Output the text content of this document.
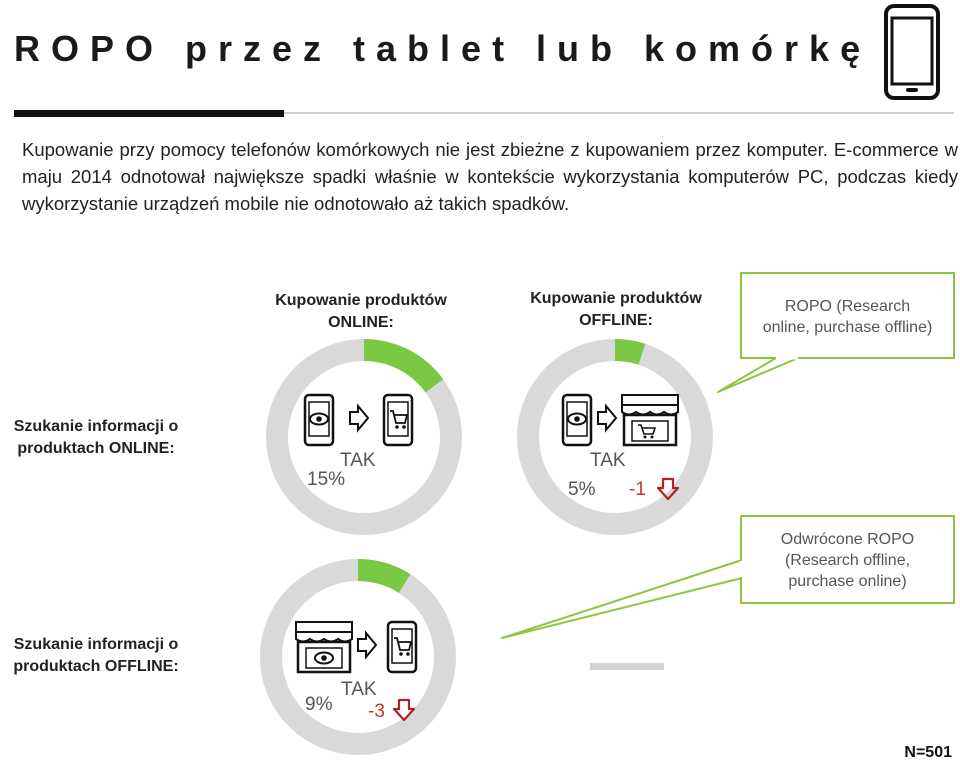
ROPO przez tablet lub komórkę
Kupowanie przy pomocy telefonów komórkowych nie jest zbieżne z kupowaniem przez komputer. E-commerce w maju 2014 odnotował największe spadki właśnie w kontekście wykorzystania komputerów PC, podczas kiedy wykorzystanie urządzeń mobile nie odnotowało aż takich spadków.
Kupowanie produktów
ONLINE:
Kupowanie produktów
OFFLINE:
Szukanie informacji o
produktach ONLINE:
Szukanie informacji o
produktach OFFLINE:
ROPO (Research
online, purchase offline)
Odwrócone ROPO
(Research offline,
purchase online)
TAK
15%
TAK
5% -1
TAK
9% -3
N=501
